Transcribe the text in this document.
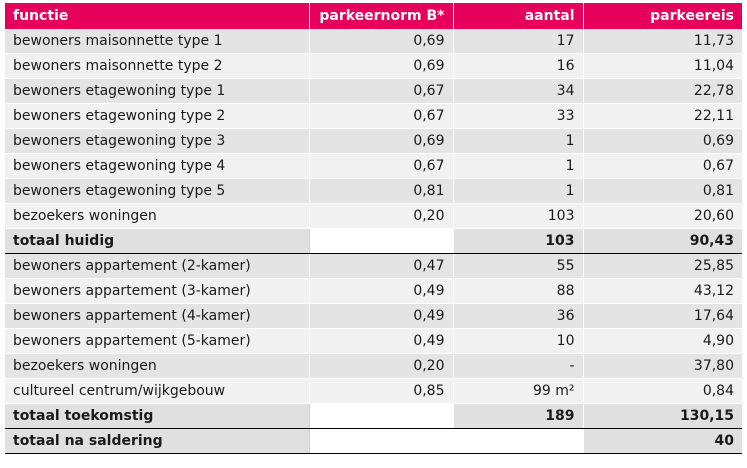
functie	parkeernorm B*	aantal	parkeereis
bewoners maisonnette type 1	0,69	17	11,73
bewoners maisonnette type 2	0,69	16	11,04
bewoners etagewoning type 1	0,67	34	22,78
bewoners etagewoning type 2	0,67	33	22,11
bewoners etagewoning type 3	0,69	1	0,69
bewoners etagewoning type 4	0,67	1	0,67
bewoners etagewoning type 5	0,81	1	0,81
bezoekers woningen	0,20	103	20,60
totaal huidig		103	90,43
bewoners appartement (2-kamer)	0,47	55	25,85
bewoners appartement (3-kamer)	0,49	88	43,12
bewoners appartement (4-kamer)	0,49	36	17,64
bewoners appartement (5-kamer)	0,49	10	4,90
bezoekers woningen	0,20	-	37,80
cultureel centrum/wijkgebouw	0,85	99 m²	0,84
totaal toekomstig		189	130,15
totaal na saldering			40
